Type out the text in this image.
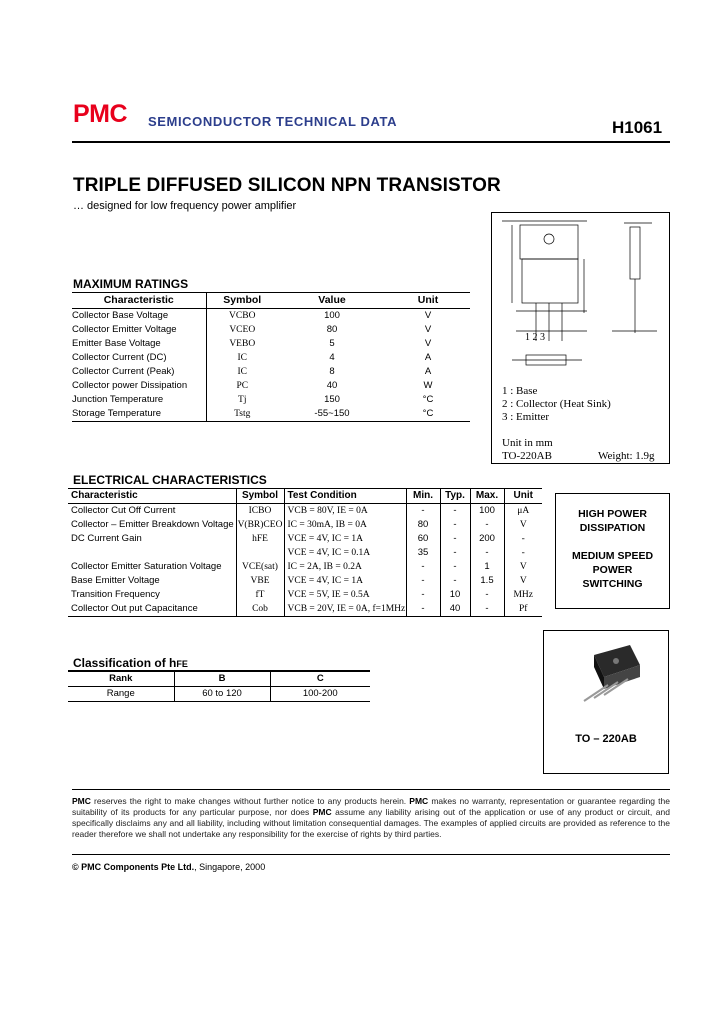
PMC SEMICONDUCTOR TECHNICAL DATA	H1061
TRIPLE DIFFUSED SILICON NPN TRANSISTOR
… designed for low frequency power amplifier
MAXIMUM RATINGS
Characteristic	Symbol	Value	Unit
Collector Base Voltage	VCBO	100	V
Collector Emitter Voltage	VCEO	80	V
Emitter Base Voltage	VEBO	5	V
Collector Current (DC)	IC	4	A
Collector Current (Peak)	IC	8	A
Collector power Dissipation	PC	40	W
Junction Temperature	Tj	150	°C
Storage Temperature	Tstg	-55~150	°C
1 2 3
1 : Base
2 : Collector (Heat Sink)
3 : Emitter
Unit in mm
TO-220AB	Weight: 1.9g
ELECTRICAL CHARACTERISTICS
Characteristic	Symbol	Test Condition	Min.	Typ.	Max.	Unit
Collector Cut Off Current	ICBO	VCB = 80V, IE = 0A	-	-	100	μA
Collector – Emitter Breakdown Voltage	V(BR)CEO	IC = 30mA, IB = 0A	80	-	-	V
DC Current Gain	hFE	VCE = 4V, IC = 1A	60	-	200	-
		VCE = 4V, IC = 0.1A	35	-	-	-
Collector Emitter Saturation Voltage	VCE(sat)	IC = 2A, IB = 0.2A	-	-	1	V
Base Emitter Voltage	VBE	VCE = 4V, IC = 1A	-	-	1.5	V
Transition Frequency	fT	VCE = 5V, IE = 0.5A	-	10	-	MHz
Collector Out put Capacitance	Cob	VCB = 20V, IE = 0A, f=1MHz	-	40	-	Pf
HIGH POWER
DISSIPATION
MEDIUM SPEED
POWER
SWITCHING
Classification of hFE
Rank	B	C
Range	60 to 120	100-200
TO – 220AB
PMC reserves the right to make changes without further notice to any products herein. PMC makes no warranty, representation or guarantee regarding the suitability of its products for any particular purpose, nor does PMC assume any liability arising out of the application or use of any product or circuit, and specifically disclaims any and all liability, including without limitation consequential damages. The examples of applied circuits are provided as reference to the reader therefore we shall not undertake any responsibility for the exercise of rights by third parties.
© PMC Components Pte Ltd., Singapore, 2000
